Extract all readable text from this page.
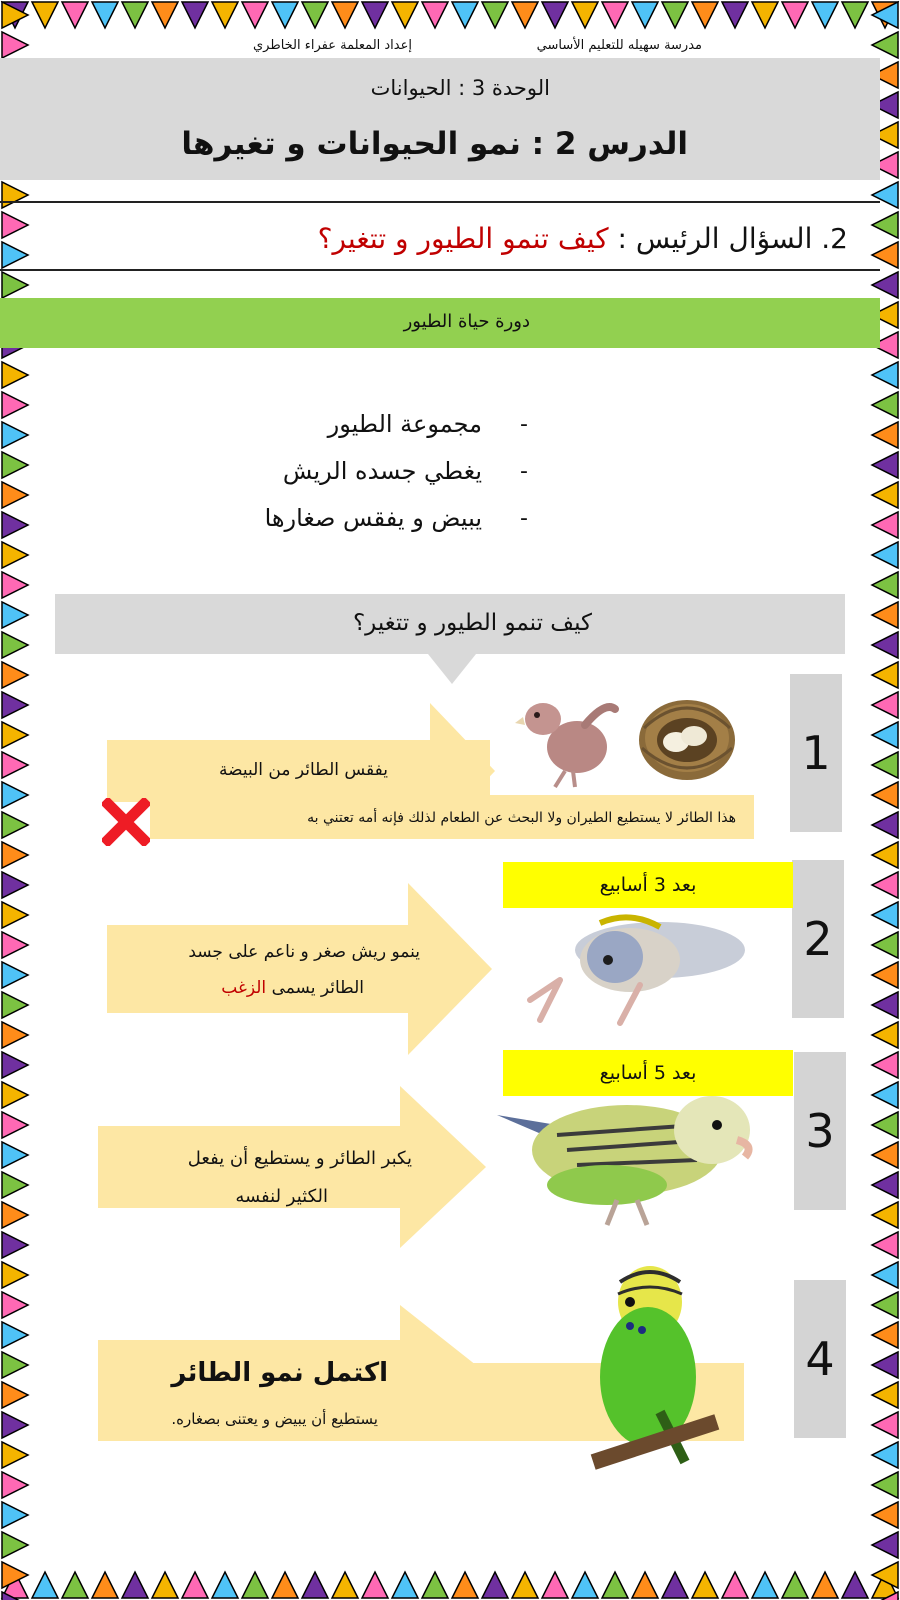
مدرسة سهيله للتعليم الأساسي
إعداد المعلمة عفراء الخاطري
الوحدة 3 : الحيوانات
الدرس 2 : نمو الحيوانات و تغيرها
2. السؤال الرئيس : كيف تنمو الطيور و تتغير؟
دورة حياة الطيور
-
مجموعة الطيور
-
يغطي جسده الريش
-
يبيض و يفقس صغارها
كيف تنمو الطيور و تتغير؟
1
يفقس الطائر من البيضة
هذا الطائر لا يستطيع الطيران ولا البحث عن الطعام لذلك فإنه أمه تعتني به
2
بعد 3 أسابيع
ينمو ريش صغر و ناعم على جسد
الطائر يسمى الزغب
3
بعد 5 أسابيع
يكبر الطائر و يستطيع أن يفعل
الكثير لنفسه
4
اكتمل نمو الطائر
يستطيع أن يبيض و يعتنى بصغاره.
